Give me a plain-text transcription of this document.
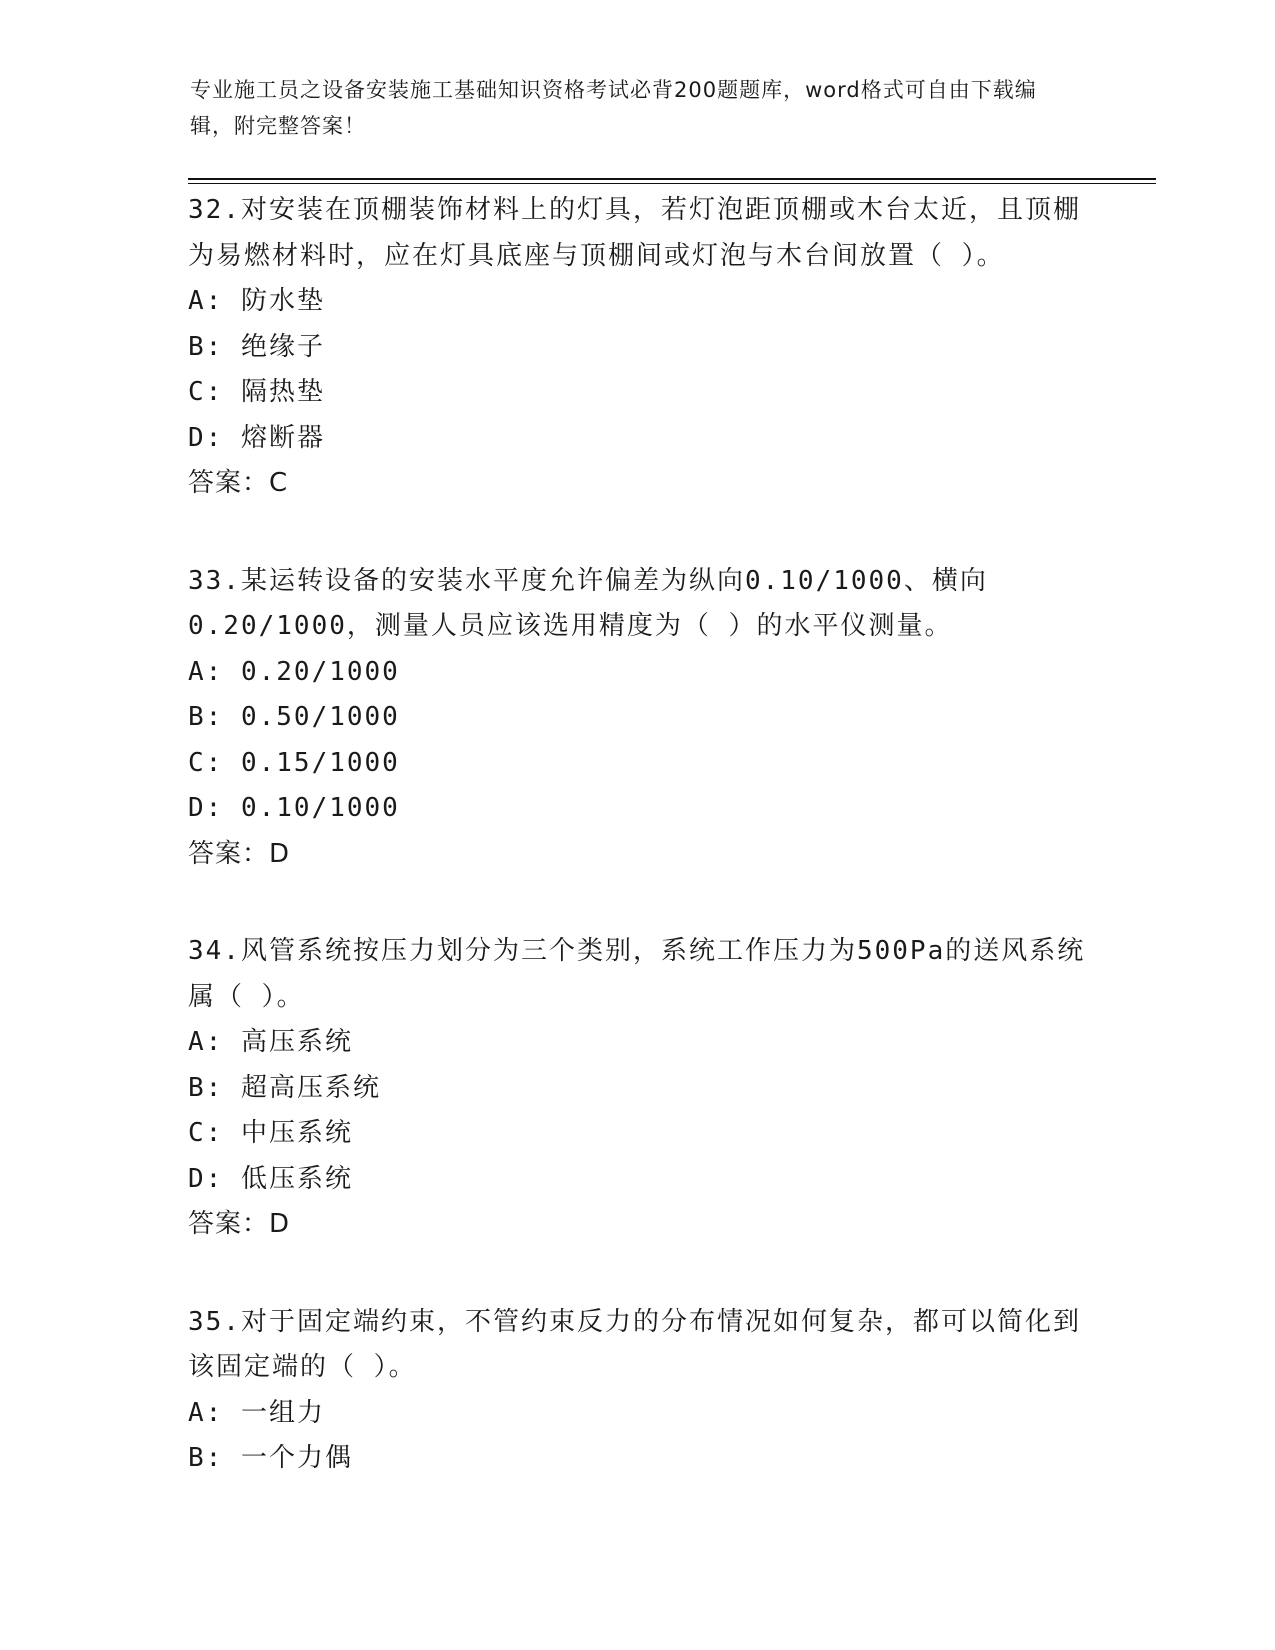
专业施工员之设备安装施工基础知识资格考试必背200题题库，word格式可自由下载编辑，附完整答案！

32.对安装在顶棚装饰材料上的灯具，若灯泡距顶棚或木台太近，且顶棚为易燃材料时，应在灯具底座与顶棚间或灯泡与木台间放置（ ）。

A: 防水垫
B: 绝缘子
C: 隔热垫
D: 熔断器
答案：C

33.某运转设备的安装水平度允许偏差为纵向0.10/1000、横向0.20/1000，测量人员应该选用精度为（ ）的水平仪测量。

A: 0.20/1000
B: 0.50/1000
C: 0.15/1000
D: 0.10/1000
答案：D

34.风管系统按压力划分为三个类别，系统工作压力为500Pa的送风系统属（ ）。

A: 高压系统
B: 超高压系统
C: 中压系统
D: 低压系统
答案：D

35.对于固定端约束，不管约束反力的分布情况如何复杂，都可以简化到该固定端的（ ）。

A: 一组力
B: 一个力偶
